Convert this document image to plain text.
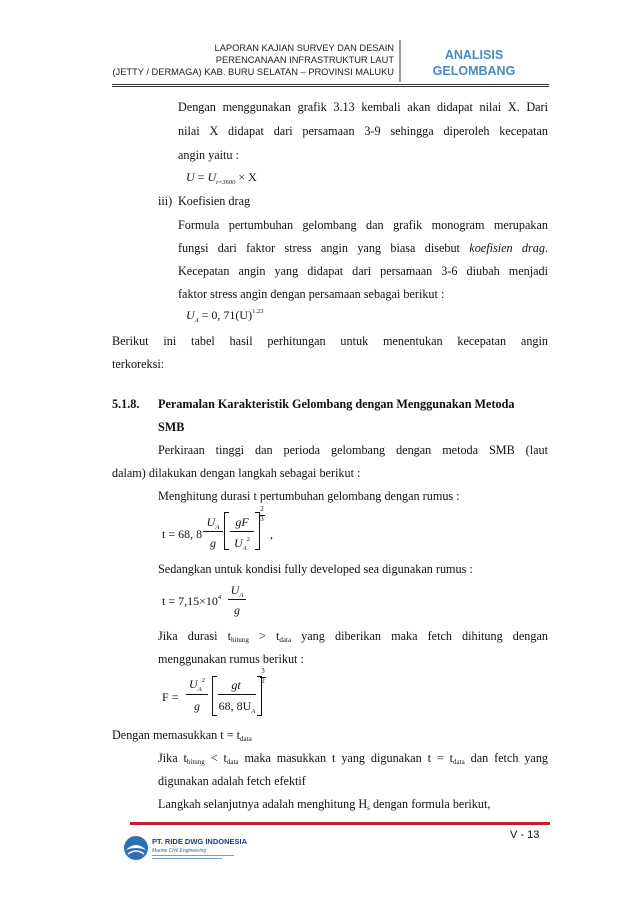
LAPORAN KAJIAN SURVEY DAN DESAIN
PERENCANAAN INFRASTRUKTUR LAUT
(JETTY / DERMAGA) KAB. BURU SELATAN – PROVINSI MALUKU
ANALISIS
GELOMBANG
Dengan menggunakan grafik 3.13 kembali akan didapat nilai X. Dari
nilai X didapat dari persamaan 3-9 sehingga diperoleh kecepatan
angin yaitu :
$U = U_{t=3600} \times X$
iii) Koefisien drag
Formula pertumbuhan gelombang dan grafik monogram merupakan
fungsi dari faktor stress angin yang biasa disebut koefisien drag.
Kecepatan angin yang didapat dari persamaan 3-6 diubah menjadi
faktor stress angin dengan persamaan sebagai berikut :
$U_A = 0$, $71(U)^{1.23}$
Berikut ini tabel hasil perhitungan untuk menentukan kecepatan angin
terkoreksi:
5.1.8. Peramalan Karakteristik Gelombang dengan Menggunakan Metoda
SMB
Perkiraan tinggi dan perioda gelombang dengan metoda SMB (laut
dalam) dilakukan dengan langkah sebagai berikut :
Menghitung durasi t pertumbuhan gelombang dengan rumus :
t = 68, 8
$U_A$
g
gF
$U_A^2$
2
3
,
Sedangkan untuk kondisi fully developed sea digunakan rumus :
$t = 7,15\times 10^4$
$U_A$
g
Jika durasi thitung > tdata yang diberikan maka fetch dihitung dengan
menggunakan rumus berikut :
F =
$U_A^2$
g
gt
68, $8U_A$
3
2
Dengan memasukkan t = tdata
Jika thitung < tdata maka masukkan t yang digunakan t = tdata dan fetch yang
digunakan adalah fetch efektif
Langkah selanjutnya adalah menghitung Hs dengan formula berikut,
PT. RIDE DWG INDONESIA
Marine Civil Engineering
V - 13
